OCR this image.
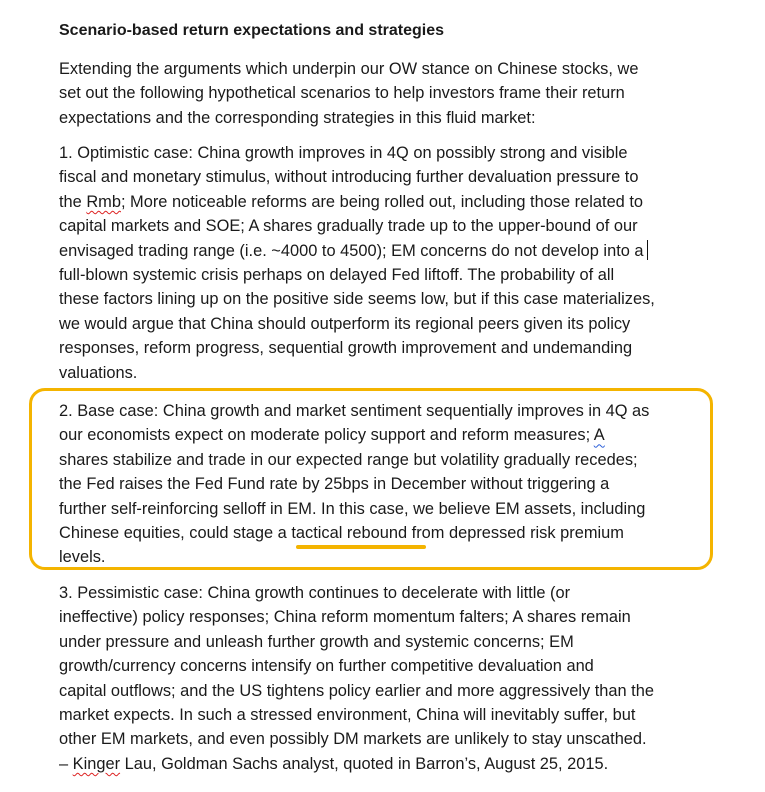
Scenario-based return expectations and strategies

Extending the arguments which underpin our OW stance on Chinese stocks, we
set out the following hypothetical scenarios to help investors frame their return
expectations and the corresponding strategies in this fluid market:

1. Optimistic case: China growth improves in 4Q on possibly strong and visible
fiscal and monetary stimulus, without introducing further devaluation pressure to
the Rmb; More noticeable reforms are being rolled out, including those related to
capital markets and SOE; A shares gradually trade up to the upper-bound of our
envisaged trading range (i.e. ~4000 to 4500); EM concerns do not develop into a
full-blown systemic crisis perhaps on delayed Fed liftoff. The probability of all
these factors lining up on the positive side seems low, but if this case materializes,
we would argue that China should outperform its regional peers given its policy
responses, reform progress, sequential growth improvement and undemanding
valuations.

2. Base case: China growth and market sentiment sequentially improves in 4Q as
our economists expect on moderate policy support and reform measures; A
shares stabilize and trade in our expected range but volatility gradually recedes;
the Fed raises the Fed Fund rate by 25bps in December without triggering a
further self-reinforcing selloff in EM. In this case, we believe EM assets, including
Chinese equities, could stage a tactical rebound from depressed risk premium
levels.

3. Pessimistic case: China growth continues to decelerate with little (or
ineffective) policy responses; China reform momentum falters; A shares remain
under pressure and unleash further growth and systemic concerns; EM
growth/currency concerns intensify on further competitive devaluation and
capital outflows; and the US tightens policy earlier and more aggressively than the
market expects. In such a stressed environment, China will inevitably suffer, but
other EM markets, and even possibly DM markets are unlikely to stay unscathed.
– Kinger Lau, Goldman Sachs analyst, quoted in Barron’s, August 25, 2015.
